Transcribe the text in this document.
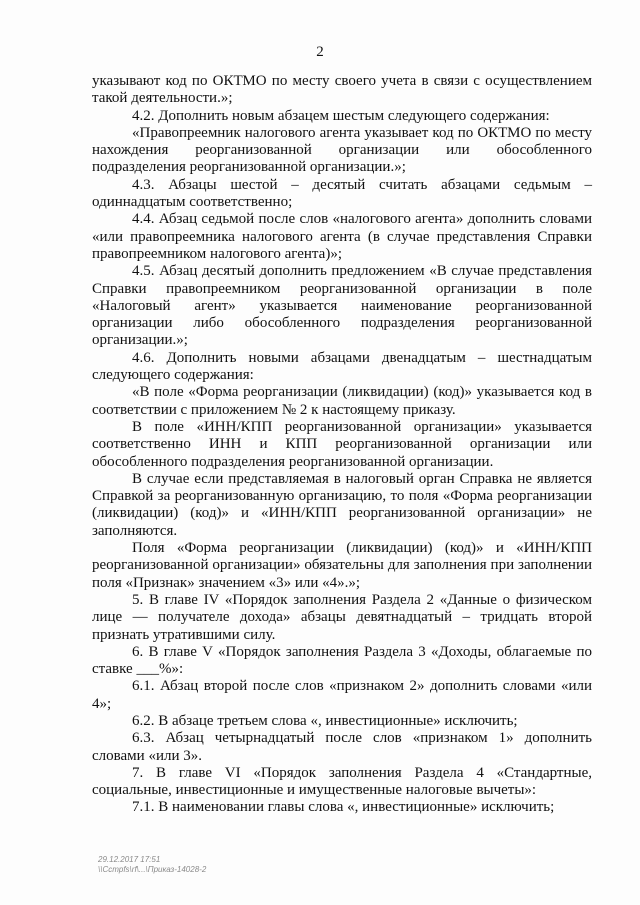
2

указывают код по ОКТМО по месту своего учета в связи с осуществлением такой деятельности.»;

4.2. Дополнить новым абзацем шестым следующего содержания:

«Правопреемник налогового агента указывает код по ОКТМО по месту нахождения реорганизованной организации или обособленного подразделения реорганизованной организации.»;

4.3. Абзацы шестой – десятый считать абзацами седьмым – одиннадцатым соответственно;

4.4. Абзац седьмой после слов «налогового агента» дополнить словами «или правопреемника налогового агента (в случае представления Справки правопреемником налогового агента)»;

4.5. Абзац десятый дополнить предложением «В случае представления Справки правопреемником реорганизованной организации в поле «Налоговый агент» указывается наименование реорганизованной организации либо обособленного подразделения реорганизованной организации.»;

4.6. Дополнить новыми абзацами двенадцатым – шестнадцатым следующего содержания:

«В поле «Форма реорганизации (ликвидации) (код)» указывается код в соответствии с приложением № 2 к настоящему приказу.

В поле «ИНН/КПП реорганизованной организации» указывается соответственно ИНН и КПП реорганизованной организации или обособленного подразделения реорганизованной организации.

В случае если представляемая в налоговый орган Справка не является Справкой за реорганизованную организацию, то поля «Форма реорганизации (ликвидации) (код)» и «ИНН/КПП реорганизованной организации» не заполняются.

Поля «Форма реорганизации (ликвидации) (код)» и «ИНН/КПП реорганизованной организации» обязательны для заполнения при заполнении поля «Признак» значением «3» или «4».»;

5. В главе IV «Порядок заполнения Раздела 2 «Данные о физическом лице — получателе дохода» абзацы девятнадцатый – тридцать второй признать утратившими силу.

6. В главе V «Порядок заполнения Раздела 3 «Доходы, облагаемые по ставке ___%»:

6.1. Абзац второй после слов «признаком 2» дополнить словами «или 4»;

6.2. В абзаце третьем слова «, инвестиционные» исключить;

6.3. Абзац четырнадцатый после слов «признаком 1» дополнить словами «или 3».

7. В главе VI «Порядок заполнения Раздела 4 «Стандартные, социальные, инвестиционные и имущественные налоговые вычеты»:

7.1. В наименовании главы слова «, инвестиционные» исключить;

29.12.2017 17:51
\\Ccmpfs\rf\...\Приказ-14028-2
